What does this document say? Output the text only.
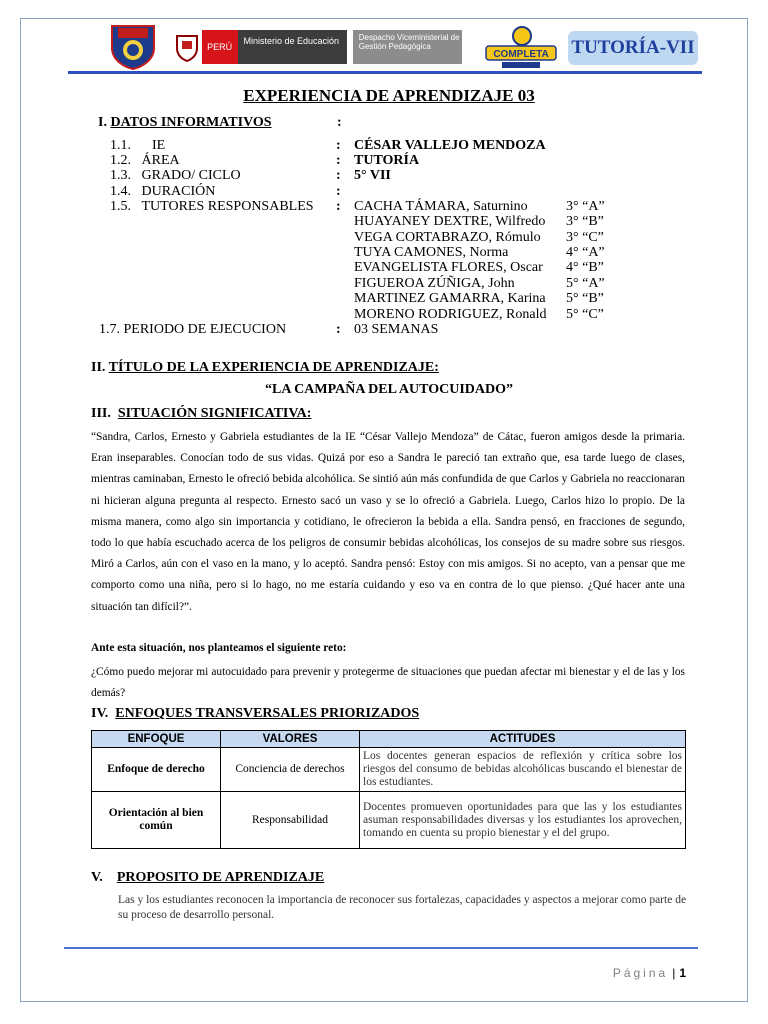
PERÚ
Ministerio de Educación	Despacho Viceministerial de Gestión Pedagógica
COMPLETA TUTORÍA-VII
EXPERIENCIA DE APRENDIZAJE 03
I. DATOS INFORMATIVOS	:
1.1. IE	: CÉSAR VALLEJO MENDOZA
1.2. ÁREA	: TUTORÍA
1.3. GRADO/ CICLO	: 5° VII
1.4. DURACIÓN	:
1.5. TUTORES RESPONSABLES : CACHA TÁMARA, Saturnino	3° “A”
HUAYANEY DEXTRE, Wilfredo 3° “B”
VEGA CORTABRAZO, Rómulo 3° “C”
TUYA CAMONES, Norma	4° “A”
EVANGELISTA FLORES, Oscar 4° “B”
FIGUEROA ZÚÑIGA, John	5° “A”
MARTINEZ GAMARRA, Karina 5° “B”
MORENO RODRIGUEZ, Ronald 5° “C”
1.7. PERIODO DE EJECUCION	: 03 SEMANAS
II. TÍTULO DE LA EXPERIENCIA DE APRENDIZAJE:
“LA CAMPAÑA DEL AUTOCUIDADO”
III. SITUACIÓN SIGNIFICATIVA:
“Sandra, Carlos, Ernesto y Gabriela estudiantes de la IE “César Vallejo Mendoza” de Cátac, fueron amigos desde la primaria. Eran inseparables. Conocían todo de sus vidas. Quizá por eso a Sandra le pareció tan extraño que, esa tarde luego de clases, mientras caminaban, Ernesto le ofreció bebida alcohólica. Se sintió aún más confundida de que Carlos y Gabriela no reaccionaran ni hicieran alguna pregunta al respecto. Ernesto sacó un vaso y se lo ofreció a Gabriela. Luego, Carlos hizo lo propio. De la misma manera, como algo sin importancia y cotidiano, le ofrecieron la bebida a ella. Sandra pensó, en fracciones de segundo, todo lo que había escuchado acerca de los peligros de consumir bebidas alcohólicas, los consejos de su madre sobre sus riesgos. Miró a Carlos, aún con el vaso en la mano, y lo aceptó. Sandra pensó: Estoy con mis amigos. Si no acepto, van a pensar que me comporto como una niña, pero si lo hago, no me estaría cuidando y eso va en contra de lo que pienso. ¿Qué hacer ante una situación tan difícil?”.
Ante esta situación, nos planteamos el siguiente reto:
¿Cómo puedo mejorar mi autocuidado para prevenir y protegerme de situaciones que puedan afectar mi bienestar y el de las y los demás?
IV. ENFOQUES TRANSVERSALES PRIORIZADOS
ENFOQUE	VALORES	ACTITUDES
Enfoque de derecho	Conciencia de derechos	Los docentes generan espacios de reflexión y crítica sobre los riesgos del consumo de bebidas alcohólicas buscando el bienestar de los estudiantes.
Orientación al bien común	Responsabilidad	Docentes promueven oportunidades para que las y los estudiantes asuman responsabilidades diversas y los estudiantes los aprovechen, tomando en cuenta su propio bienestar y el del grupo.
V. PROPOSITO DE APRENDIZAJE
Las y los estudiantes reconocen la importancia de reconocer sus fortalezas, capacidades y aspectos a mejorar como parte de su proceso de desarrollo personal.
Página | 1
